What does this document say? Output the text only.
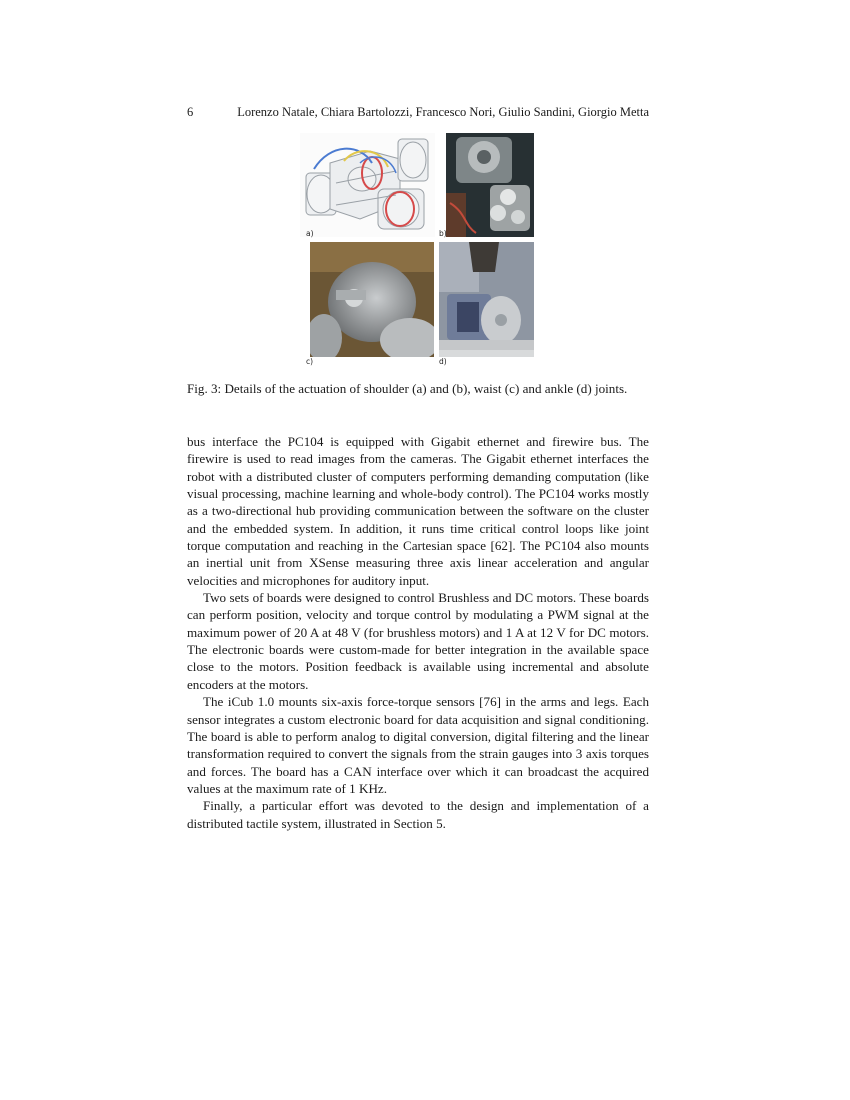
6	Lorenzo Natale, Chiara Bartolozzi, Francesco Nori, Giulio Sandini, Giorgio Metta
a)	b)
c)	d)
Fig. 3: Details of the actuation of shoulder (a) and (b), waist (c) and ankle (d) joints.

bus interface the PC104 is equipped with Gigabit ethernet and firewire bus. The firewire is used to read images from the cameras. The Gigabit ethernet interfaces the robot with a distributed cluster of computers performing demanding computation (like visual processing, machine learning and whole-body control). The PC104 works mostly as a two-directional hub providing communication between the software on the cluster and the embedded system. In addition, it runs time critical control loops like joint torque computation and reaching in the Cartesian space [62]. The PC104 also mounts an inertial unit from XSense measuring three axis linear acceleration and angular velocities and microphones for auditory input.

Two sets of boards were designed to control Brushless and DC motors. These boards can perform position, velocity and torque control by modulating a PWM signal at the maximum power of 20 A at 48 V (for brushless motors) and 1 A at 12 V for DC motors. The electronic boards were custom-made for better integration in the available space close to the motors. Position feedback is available using incremental and absolute encoders at the motors.

The iCub 1.0 mounts six-axis force-torque sensors [76] in the arms and legs. Each sensor integrates a custom electronic board for data acquisition and signal conditioning. The board is able to perform analog to digital conversion, digital filtering and the linear transformation required to convert the signals from the strain gauges into 3 axis torques and forces. The board has a CAN interface over which it can broadcast the acquired values at the maximum rate of 1 KHz.

Finally, a particular effort was devoted to the design and implementation of a distributed tactile system, illustrated in Section 5.
